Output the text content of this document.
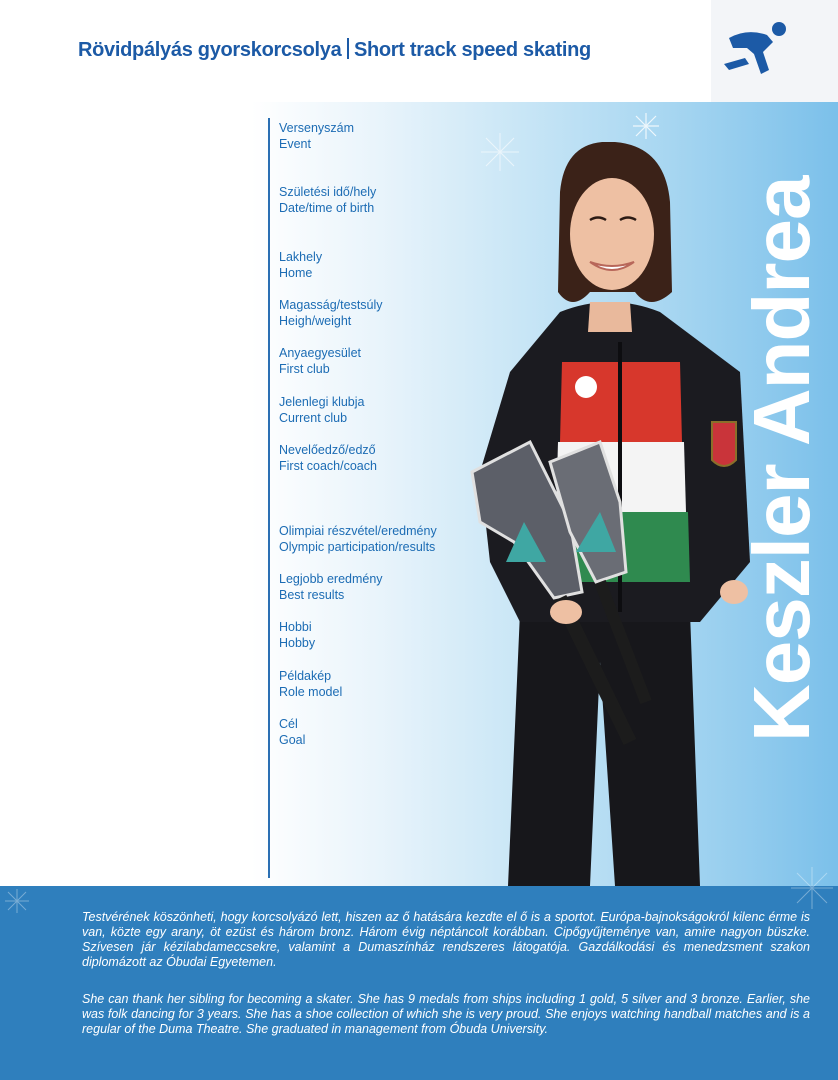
Rövidpályás gyorskorcsolya Short track speed skating
Keszler Andrea
Versenyszám
Event
Születési idő/hely
Date/time of birth
Lakhely
Home
Magasság/testsúly
Heigh/weight
Anyaegyesület
First club
Jelenlegi klubja
Current club
Nevelőedző/edző
First coach/coach
Olimpiai részvétel/eredmény
Olympic participation/results
Legjobb eredmény
Best results
Hobbi
Hobby
Példakép
Role model
Cél
Goal

Testvérének köszönheti, hogy korcsolyázó lett, hiszen az ő hatására kezdte el ő is a sportot. Európa-bajnokságokról kilenc érme is van, közte egy arany, öt ezüst és három bronz. Három évig néptáncolt korábban. Cipőgyűjteménye van, amire nagyon büszke. Szívesen jár kézilabdameccsekre, valamint a Dumaszínház rendszeres látogatója. Gazdálkodási és menedzsment szakon diplomázott az Óbudai Egyetemen.

She can thank her sibling for becoming a skater. She has 9 medals from ships including 1 gold, 5 silver and 3 bronze. Earlier, she was folk dancing for 3 years. She has a shoe collection of which she is very proud. She enjoys watching handball matches and is a regular of the Duma Theatre. She graduated in management from Óbuda University.
